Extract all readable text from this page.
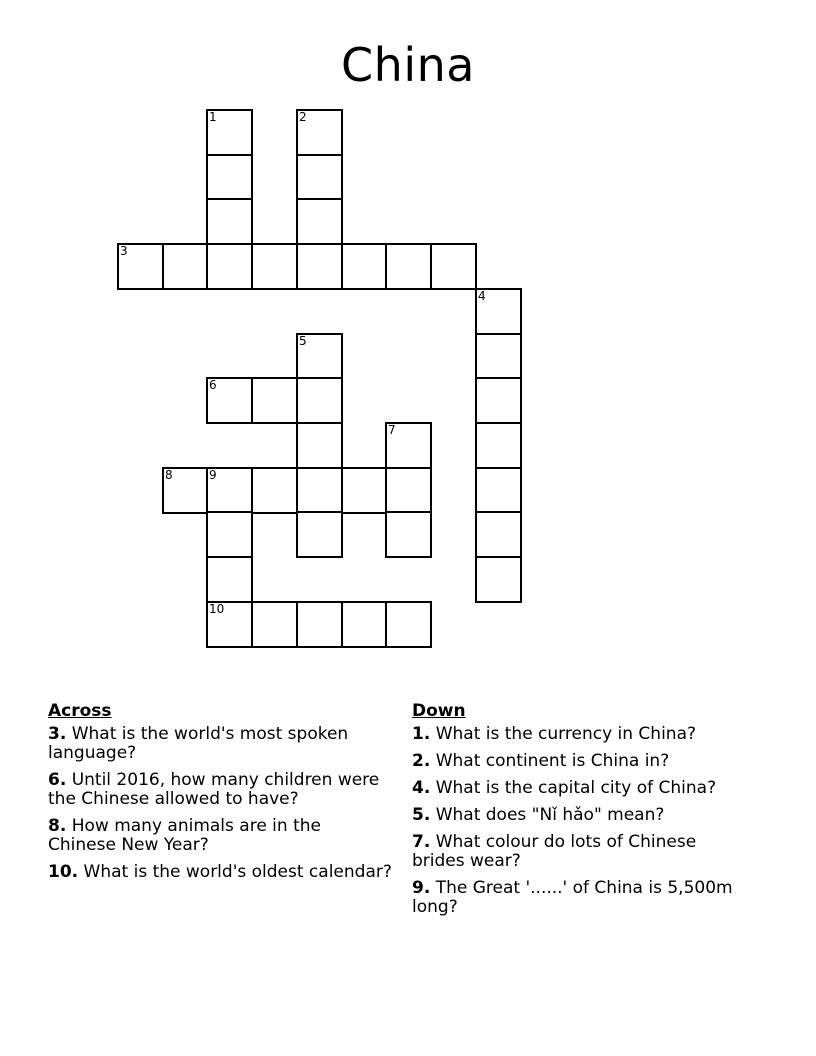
China
1	2
3
4
5
6
7
8	9
10
Across
3. What is the world's most spoken language?
6. Until 2016, how many children were the Chinese allowed to have?
8. How many animals are in the Chinese New Year?
10. What is the world's oldest calendar?
Down
1. What is the currency in China?
2. What continent is China in?
4. What is the capital city of China?
5. What does "Nǐ hǎo" mean?
7. What colour do lots of Chinese brides wear?
9. The Great '......' of China is 5,500m long?
